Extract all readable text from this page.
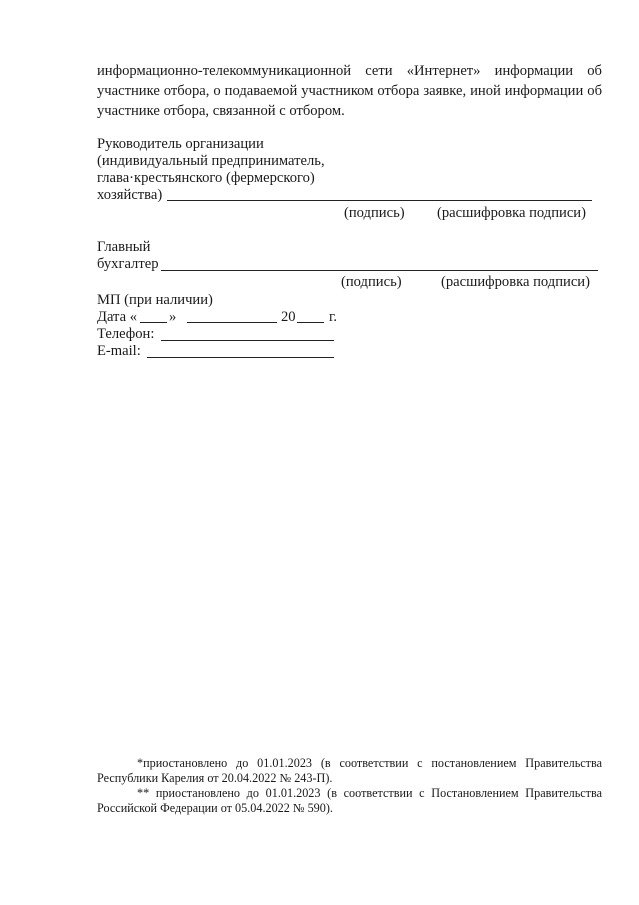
информационно-телекоммуникационной сети «Интернет» информации об участнике отбора, о подаваемой участником отбора заявке, иной информации об участнике отбора, связанной с отбором.
Руководитель организации
(индивидуальный предприниматель,
глава·крестьянского (фермерского)
хозяйства)
(подпись) (расшифровка подписи)
Главный
бухгалтер
(подпись)	(расшифровка подписи)
МП (при наличии)
Дата « »	20 г.
Телефон:
E-mail:
*приостановлено до 01.01.2023 (в соответствии с постановлением Правительства Республики Карелия от 20.04.2022 № 243-П).
** приостановлено до 01.01.2023 (в соответствии с Постановлением Правительства Российской Федерации от 05.04.2022 № 590).
